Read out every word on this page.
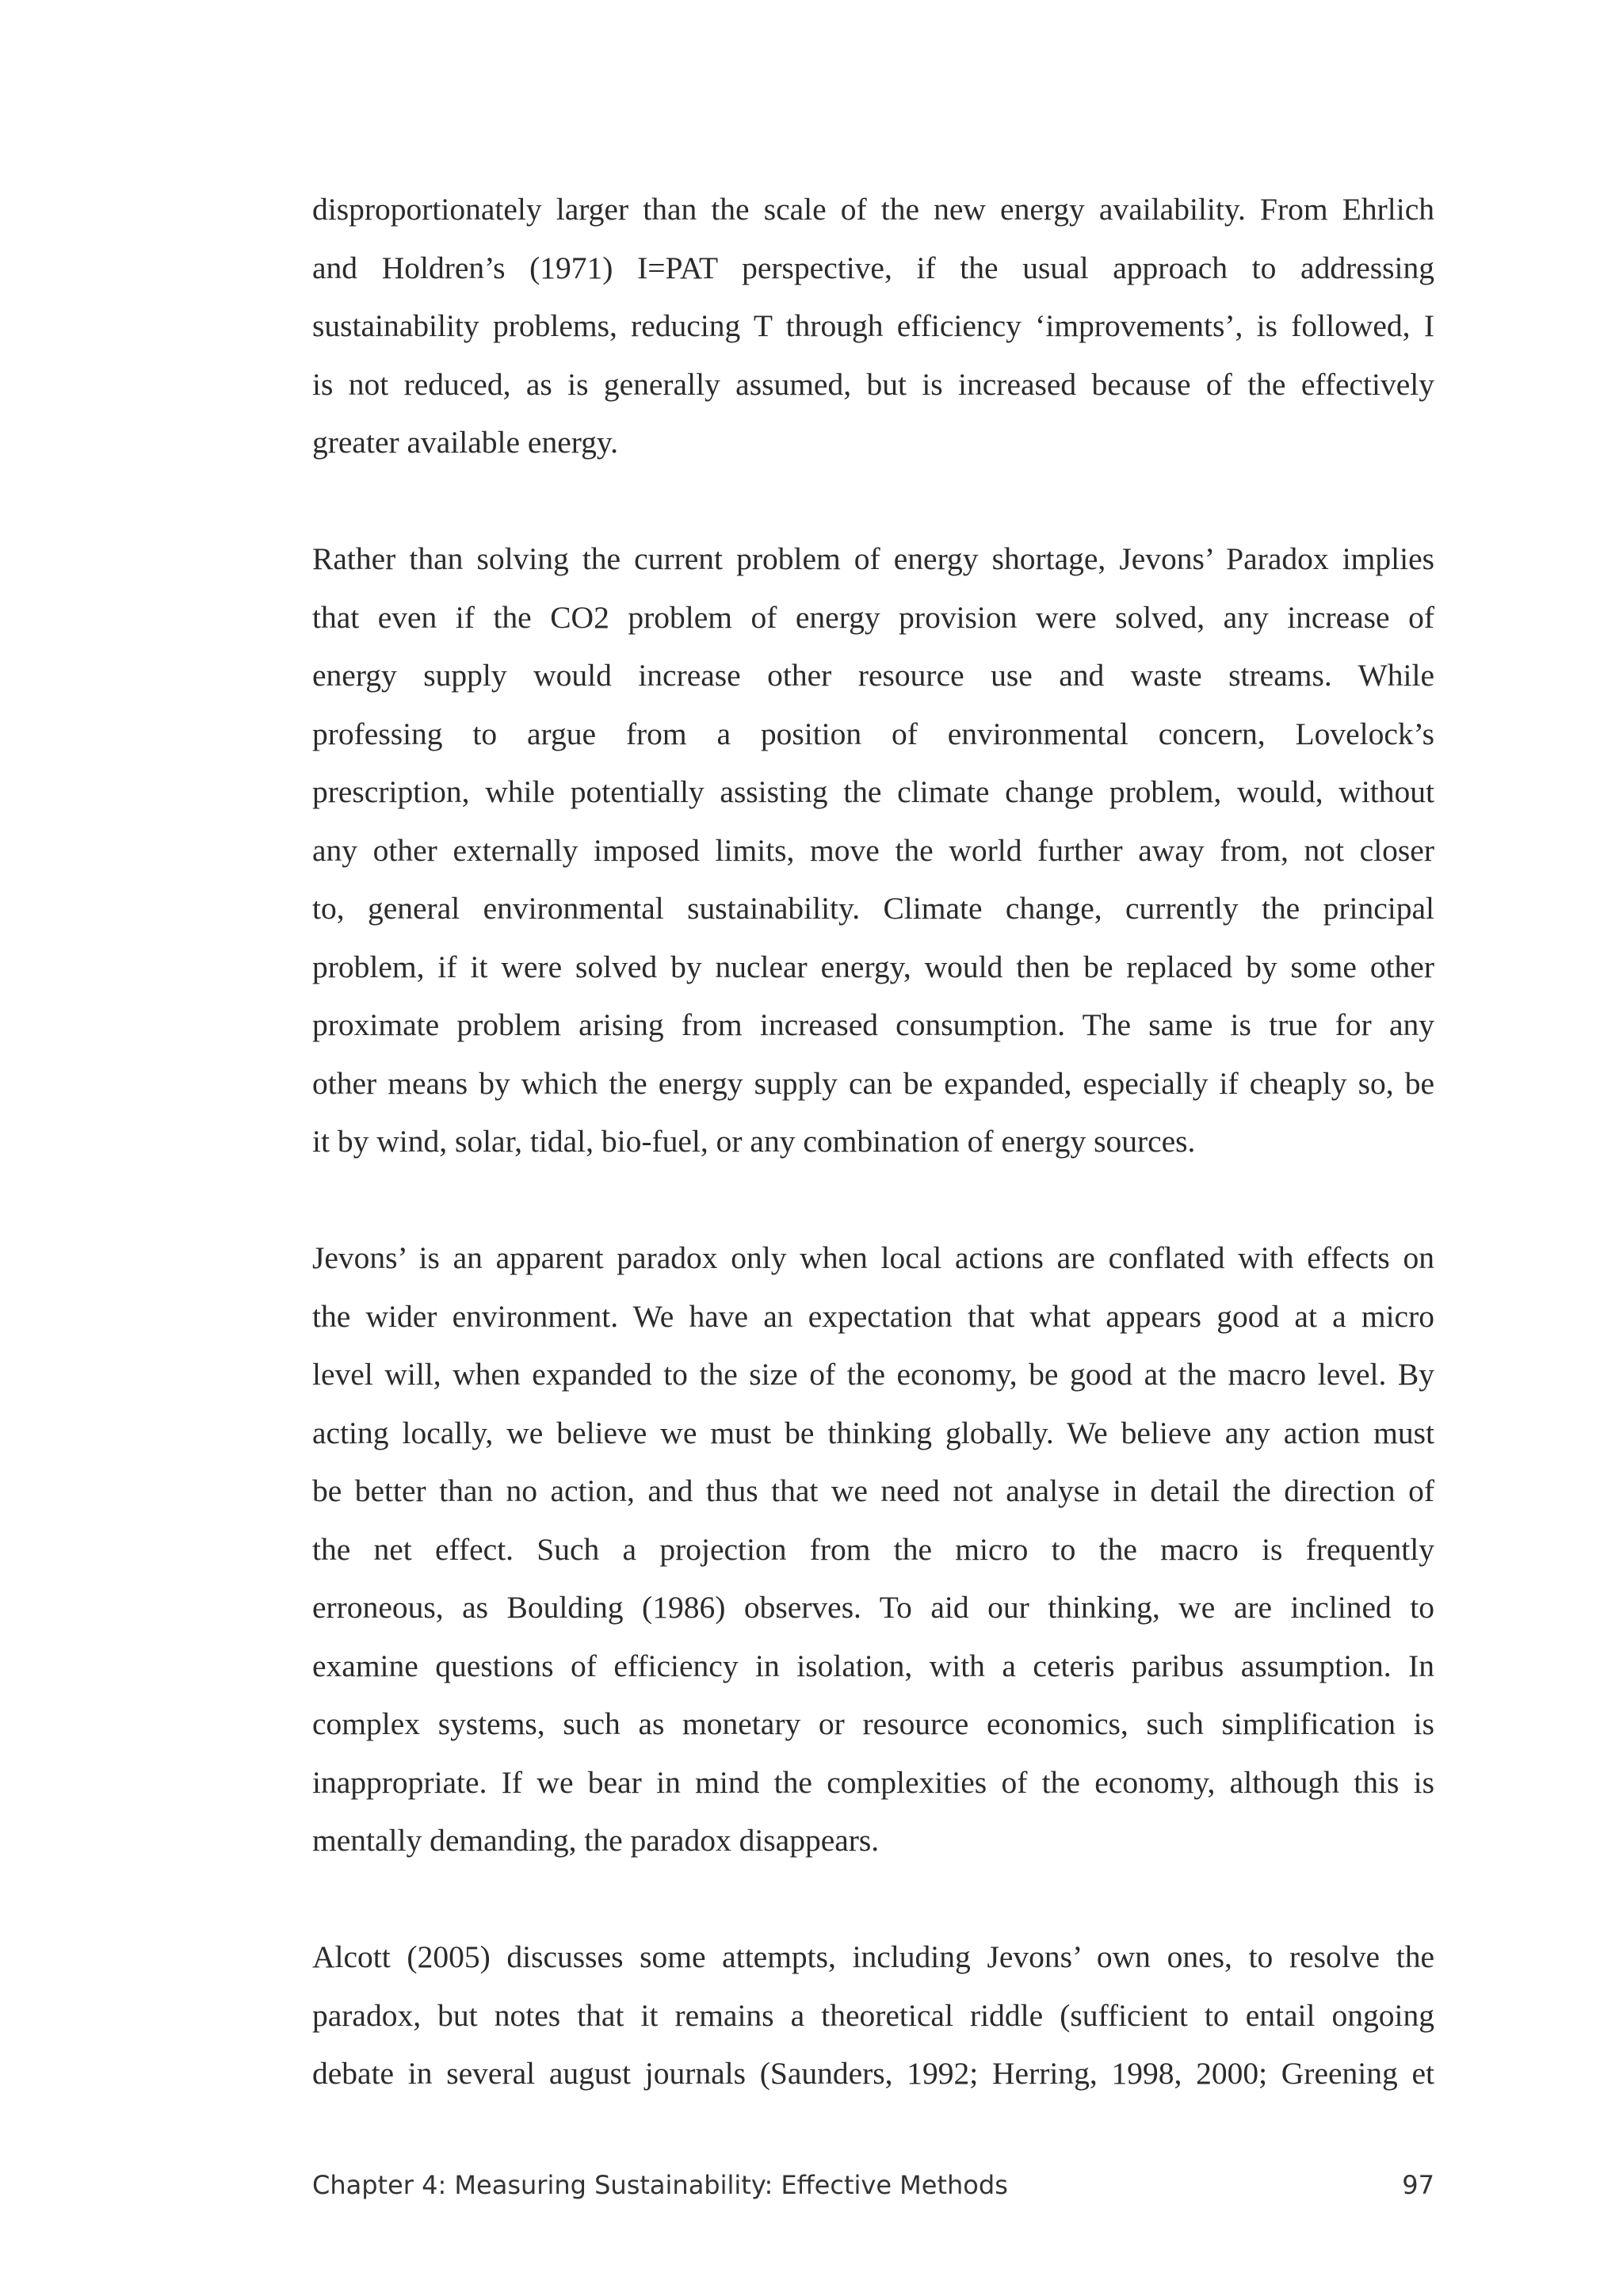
disproportionately larger than the scale of the new energy availability. From Ehrlich
and Holdren’s (1971) I=PAT perspective, if the usual approach to addressing
sustainability problems, reducing T through efficiency ‘improvements’, is followed, I
is not reduced, as is generally assumed, but is increased because of the effectively
greater available energy.

Rather than solving the current problem of energy shortage, Jevons’ Paradox implies
that even if the CO2 problem of energy provision were solved, any increase of
energy supply would increase other resource use and waste streams. While
professing to argue from a position of environmental concern, Lovelock’s
prescription, while potentially assisting the climate change problem, would, without
any other externally imposed limits, move the world further away from, not closer
to, general environmental sustainability. Climate change, currently the principal
problem, if it were solved by nuclear energy, would then be replaced by some other
proximate problem arising from increased consumption. The same is true for any
other means by which the energy supply can be expanded, especially if cheaply so, be
it by wind, solar, tidal, bio-fuel, or any combination of energy sources.

Jevons’ is an apparent paradox only when local actions are conflated with effects on
the wider environment. We have an expectation that what appears good at a micro
level will, when expanded to the size of the economy, be good at the macro level. By
acting locally, we believe we must be thinking globally. We believe any action must
be better than no action, and thus that we need not analyse in detail the direction of
the net effect. Such a projection from the micro to the macro is frequently
erroneous, as Boulding (1986) observes. To aid our thinking, we are inclined to
examine questions of efficiency in isolation, with a ceteris paribus assumption. In
complex systems, such as monetary or resource economics, such simplification is
inappropriate. If we bear in mind the complexities of the economy, although this is
mentally demanding, the paradox disappears.

Alcott (2005) discusses some attempts, including Jevons’ own ones, to resolve the
paradox, but notes that it remains a theoretical riddle (sufficient to entail ongoing
debate in several august journals (Saunders, 1992; Herring, 1998, 2000; Greening et

Chapter 4: Measuring Sustainability: Effective Methods	97
